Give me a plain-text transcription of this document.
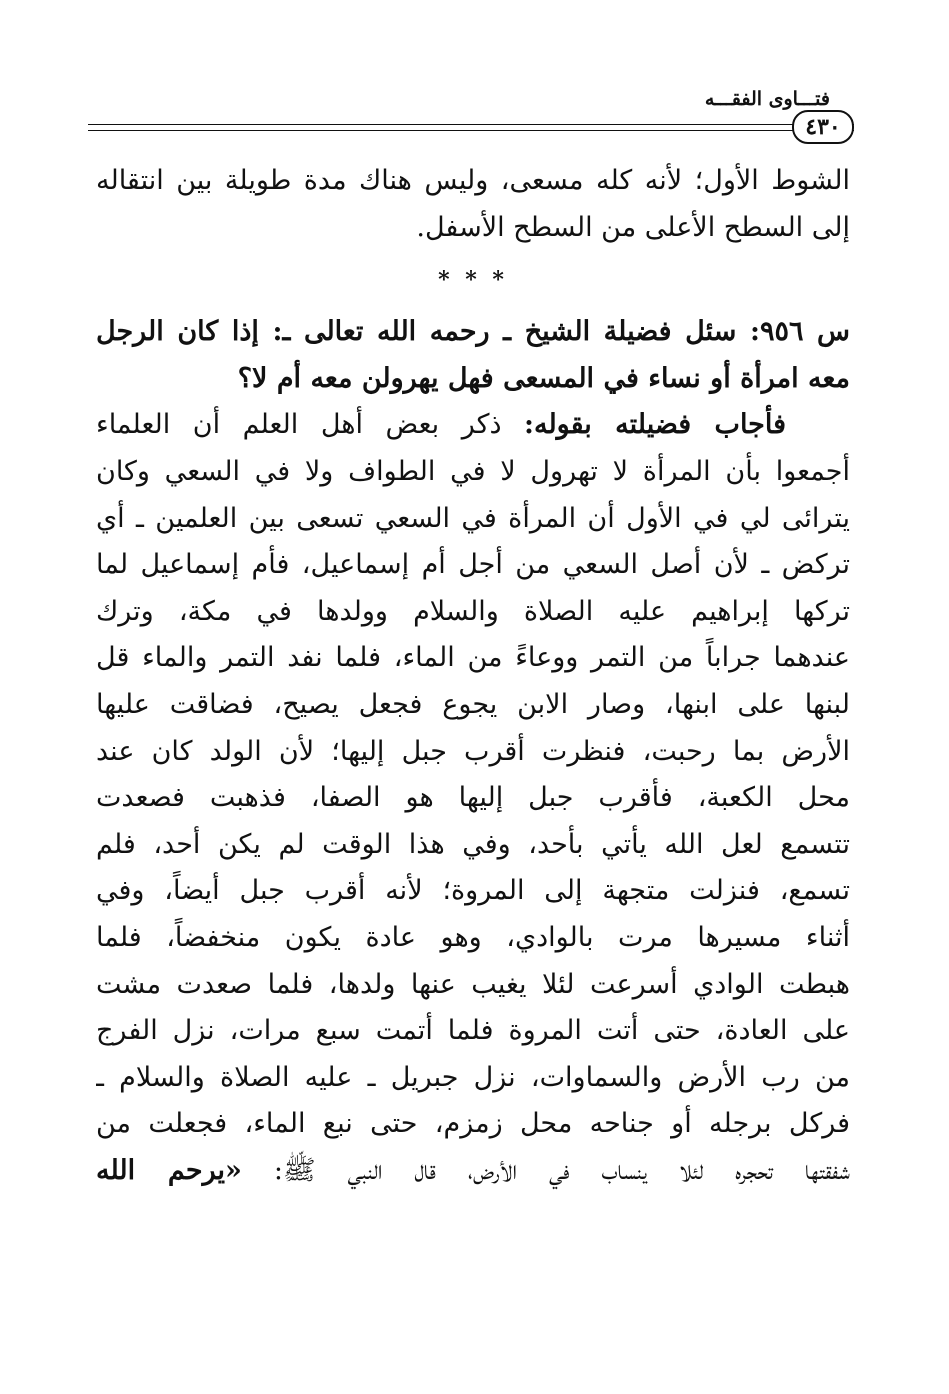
فتـــاوى الفقـــه
٤٣٠
الشوط الأول؛ لأنه كله مسعى، وليس هناك مدة طويلة بين انتقاله
إلى السطح الأعلى من السطح الأسفل.
* * *
س ٩٥٦: سئل فضيلة الشيخ ـ رحمه الله تعالى ـ: إذا كان الرجل
معه امرأة أو نساء في المسعى فهل يهرولن معه أم لا؟
فأجاب فضيلته بقوله: ذكر بعض أهل العلم أن العلماء
أجمعوا بأن المرأة لا تهرول لا في الطواف ولا في السعي وكان
يترائى لي في الأول أن المرأة في السعي تسعى بين العلمين ـ أي
تركض ـ لأن أصل السعي من أجل أم إسماعيل، فأم إسماعيل لما
تركها إبراهيم عليه الصلاة والسلام وولدها في مكة، وترك
عندهما جراباً من التمر ووعاءً من الماء، فلما نفد التمر والماء قل
لبنها على ابنها، وصار الابن يجوع فجعل يصيح، فضاقت عليها
الأرض بما رحبت، فنظرت أقرب جبل إليها؛ لأن الولد كان عند
محل الكعبة، فأقرب جبل إليها هو الصفا، فذهبت فصعدت
تتسمع لعل الله يأتي بأحد، وفي هذا الوقت لم يكن أحد، فلم
تسمع، فنزلت متجهة إلى المروة؛ لأنه أقرب جبل أيضاً، وفي
أثناء مسيرها مرت بالوادي، وهو عادة يكون منخفضاً، فلما
هبطت الوادي أسرعت لئلا يغيب عنها ولدها، فلما صعدت مشت
على العادة، حتى أتت المروة فلما أتمت سبع مرات، نزل الفرج
من رب الأرض والسماوات، نزل جبريل ـ عليه الصلاة والسلام ـ
فركل برجله أو جناحه محل زمزم، حتى نبع الماء، فجعلت من
شفقتها تحجره لئلا ينساب في الأرض، قال النبي ﷺ: «يرحم الله
